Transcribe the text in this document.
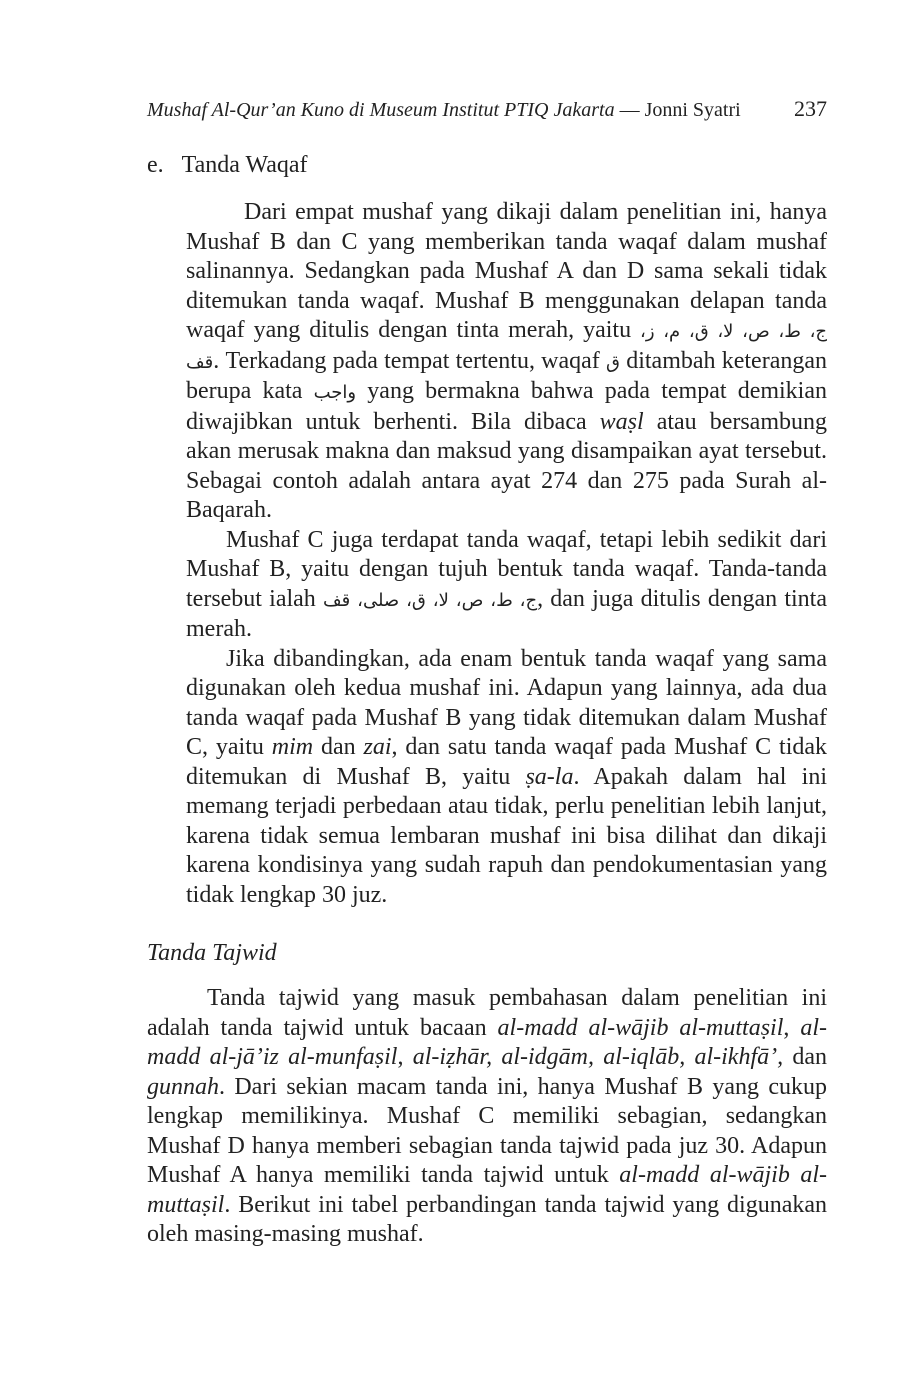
Mushaf Al-Qur’an Kuno di Museum Institut PTIQ Jakarta — Jonni Syatri 237
e. Tanda Waqaf

Dari empat mushaf yang dikaji dalam penelitian ini, hanya Mushaf B dan C yang memberikan tanda waqaf dalam mushaf salinannya. Sedangkan pada Mushaf A dan D sama sekali tidak ditemukan tanda waqaf. Mushaf B menggunakan delapan tanda waqaf yang ditulis dengan tinta merah, yaitu ج، ط، ص، لا، ق، م، ز، قف. Terkadang pada tempat tertentu, waqaf ق ditambah keterangan berupa kata واجب yang bermakna bahwa pada tempat demikian diwajibkan untuk berhenti. Bila dibaca waṣl atau bersambung akan merusak makna dan maksud yang disampaikan ayat tersebut. Sebagai contoh adalah antara ayat 274 dan 275 pada Surah al-Baqarah.

Mushaf C juga terdapat tanda waqaf, tetapi lebih sedikit dari Mushaf B, yaitu dengan tujuh bentuk tanda waqaf. Tanda-tanda tersebut ialah ج، ط، ص، لا، ق، صلى، قف, dan juga ditulis dengan tinta merah.

Jika dibandingkan, ada enam bentuk tanda waqaf yang sama digunakan oleh kedua mushaf ini. Adapun yang lainnya, ada dua tanda waqaf pada Mushaf B yang tidak ditemukan dalam Mushaf C, yaitu mim dan zai, dan satu tanda waqaf pada Mushaf C tidak ditemukan di Mushaf B, yaitu ṣa-la. Apakah dalam hal ini memang terjadi perbedaan atau tidak, perlu penelitian lebih lanjut, karena tidak semua lembaran mushaf ini bisa dilihat dan dikaji karena kondisinya yang sudah rapuh dan pendokumentasian yang tidak lengkap 30 juz.

Tanda Tajwid

Tanda tajwid yang masuk pembahasan dalam penelitian ini adalah tanda tajwid untuk bacaan al-madd al-wājib al-muttaṣil, al-madd al-jā’iz al-munfaṣil, al-iẓhār, al-idgām, al-iqlāb, al-ikhfā’, dan gunnah. Dari sekian macam tanda ini, hanya Mushaf B yang cukup lengkap memilikinya. Mushaf C memiliki sebagian, sedangkan Mushaf D hanya memberi sebagian tanda tajwid pada juz 30. Adapun Mushaf A hanya memiliki tanda tajwid untuk al-madd al-wājib al-muttaṣil. Berikut ini tabel perbandingan tanda tajwid yang digunakan oleh masing-masing mushaf.
